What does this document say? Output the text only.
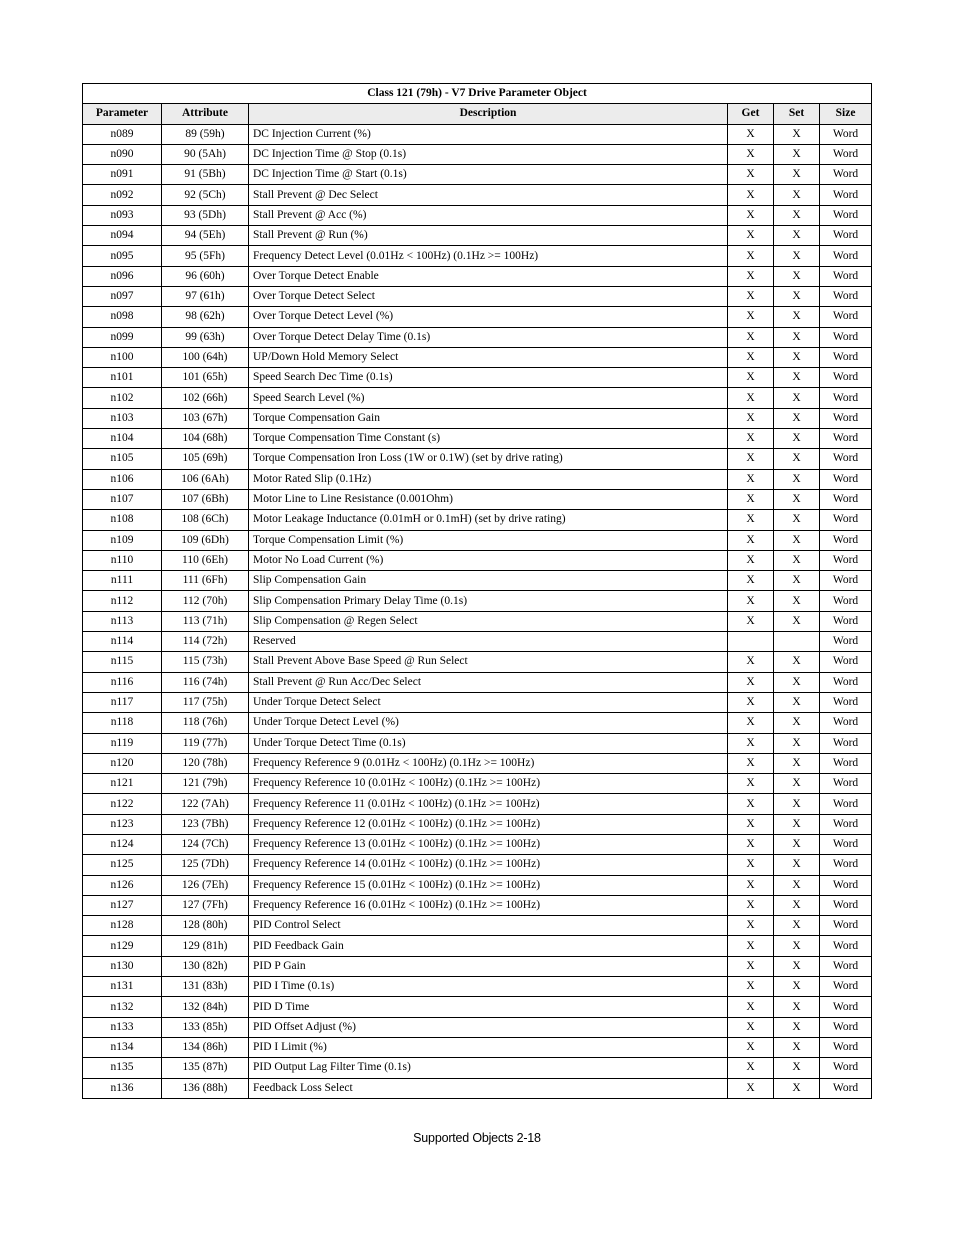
Class 121 (79h) - V7 Drive Parameter Object					
Parameter	Attribute	Description	Get	Set	Size
n089	89 (59h)	DC Injection Current (%)	X	X	Word
n090	90 (5Ah)	DC Injection Time @ Stop (0.1s)	X	X	Word
n091	91 (5Bh)	DC Injection Time @ Start (0.1s)	X	X	Word
n092	92 (5Ch)	Stall Prevent @ Dec Select	X	X	Word
n093	93 (5Dh)	Stall Prevent @ Acc (%)	X	X	Word
n094	94 (5Eh)	Stall Prevent @ Run (%)	X	X	Word
n095	95 (5Fh)	Frequency Detect Level (0.01Hz < 100Hz) (0.1Hz >= 100Hz)	X	X	Word
n096	96 (60h)	Over Torque Detect Enable	X	X	Word
n097	97 (61h)	Over Torque Detect Select	X	X	Word
n098	98 (62h)	Over Torque Detect Level (%)	X	X	Word
n099	99 (63h)	Over Torque Detect Delay Time (0.1s)	X	X	Word
n100	100 (64h)	UP/Down Hold Memory Select	X	X	Word
n101	101 (65h)	Speed Search Dec Time (0.1s)	X	X	Word
n102	102 (66h)	Speed Search Level (%)	X	X	Word
n103	103 (67h)	Torque Compensation Gain	X	X	Word
n104	104 (68h)	Torque Compensation Time Constant (s)	X	X	Word
n105	105 (69h)	Torque Compensation Iron Loss (1W or 0.1W) (set by drive rating)	X	X	Word
n106	106 (6Ah)	Motor Rated Slip (0.1Hz)	X	X	Word
n107	107 (6Bh)	Motor Line to Line Resistance (0.001Ohm)	X	X	Word
n108	108 (6Ch)	Motor Leakage Inductance (0.01mH or 0.1mH) (set by drive rating)	X	X	Word
n109	109 (6Dh)	Torque Compensation Limit (%)	X	X	Word
n110	110 (6Eh)	Motor No Load Current (%)	X	X	Word
n111	111 (6Fh)	Slip Compensation Gain	X	X	Word
n112	112 (70h)	Slip Compensation Primary Delay Time (0.1s)	X	X	Word
n113	113 (71h)	Slip Compensation @ Regen Select	X	X	Word
n114	114 (72h)	Reserved			Word
n115	115 (73h)	Stall Prevent Above Base Speed @ Run Select	X	X	Word
n116	116 (74h)	Stall Prevent @ Run Acc/Dec Select	X	X	Word
n117	117 (75h)	Under Torque Detect Select	X	X	Word
n118	118 (76h)	Under Torque Detect Level (%)	X	X	Word
n119	119 (77h)	Under Torque Detect Time (0.1s)	X	X	Word
n120	120 (78h)	Frequency Reference 9 (0.01Hz < 100Hz) (0.1Hz >= 100Hz)	X	X	Word
n121	121 (79h)	Frequency Reference 10 (0.01Hz < 100Hz) (0.1Hz >= 100Hz)	X	X	Word
n122	122 (7Ah)	Frequency Reference 11 (0.01Hz < 100Hz) (0.1Hz >= 100Hz)	X	X	Word
n123	123 (7Bh)	Frequency Reference 12 (0.01Hz < 100Hz) (0.1Hz >= 100Hz)	X	X	Word
n124	124 (7Ch)	Frequency Reference 13 (0.01Hz < 100Hz) (0.1Hz >= 100Hz)	X	X	Word
n125	125 (7Dh)	Frequency Reference 14 (0.01Hz < 100Hz) (0.1Hz >= 100Hz)	X	X	Word
n126	126 (7Eh)	Frequency Reference 15 (0.01Hz < 100Hz) (0.1Hz >= 100Hz)	X	X	Word
n127	127 (7Fh)	Frequency Reference 16 (0.01Hz < 100Hz) (0.1Hz >= 100Hz)	X	X	Word
n128	128 (80h)	PID Control Select	X	X	Word
n129	129 (81h)	PID Feedback Gain	X	X	Word
n130	130 (82h)	PID P Gain	X	X	Word
n131	131 (83h)	PID I Time (0.1s)	X	X	Word
n132	132 (84h)	PID D Time	X	X	Word
n133	133 (85h)	PID Offset Adjust (%)	X	X	Word
n134	134 (86h)	PID I Limit (%)	X	X	Word
n135	135 (87h)	PID Output Lag Filter Time (0.1s)	X	X	Word
n136	136 (88h)	Feedback Loss Select	X	X	Word
Supported Objects 2-18
